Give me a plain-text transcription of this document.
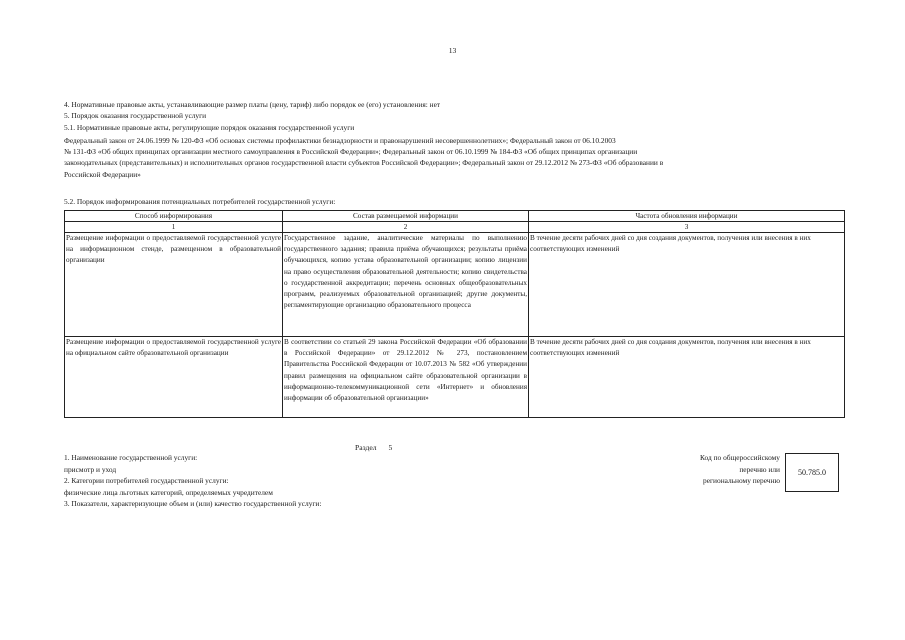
13
4. Нормативные правовые акты, устанавливающие размер платы (цену, тариф) либо порядок ее (его) установления: нет
5. Порядок оказания государственной услуги
5.1. Нормативные правовые акты, регулирующие порядок оказания государственной услуги
Федеральный закон от 24.06.1999 № 120-ФЗ «Об основах системы профилактики безнадзорности и правонарушений несовершеннолетних»; Федеральный закон от 06.10.2003
№ 131-ФЗ «Об общих принципах организации местного самоуправления в Российской Федерации»; Федеральный закон от 06.10.1999 № 184-ФЗ «Об общих принципах организации
законодательных (представительных) и исполнительных органов государственной власти субъектов Российской Федерации»; Федеральный закон от 29.12.2012 № 273-ФЗ «Об образовании в
Российской Федерации»
5.2. Порядок информирования потенциальных потребителей государственной услуги:
Способ информирования	Состав размещаемой информации	Частота обновления информации
1	2	3
Размещение информации о предоставляемой государственной услуге на информационном стенде, размещенном в образовательной организации	Государственное задание, аналитические материалы по выполнению государственного задания; правила приёма обучающихся; результаты приёма обучающихся, копию устава образовательной организации; копию лицензии на право осуществления образовательной деятельности; копию свидетельства о государственной аккредитации; перечень основных общеобразовательных программ, реализуемых образовательной организацией; другие документы, регламентирующие организацию образовательного процесса	В течение десяти рабочих дней со дня создания документов, получения или внесения в них соответствующих изменений
Размещение информации о предоставляемой государственной услуге на официальном сайте образовательной организации	В соответствии со статьей 29 закона Российской Федерации «Об образовании в Российской Федерации» от 29.12.2012 № 273, постановлением Правительства Российской Федерации от 10.07.2013 № 582 «Об утверждении правил размещения на официальном сайте образовательной организации в информационно-телекоммуникационной сети «Интернет» и обновления информации об образовательной организации»	В течение десяти рабочих дней со дня создания документов, получения или внесения в них соответствующих изменений
Раздел 5
1. Наименование государственной услуги:
присмотр и уход
2. Категории потребителей государственной услуги:
физические лица льготных категорий, определяемых учредителем
3. Показатели, характеризующие объем и (или) качество государственной услуги:
Код по общероссийскому
перечню или
региональному перечню
50.785.0
